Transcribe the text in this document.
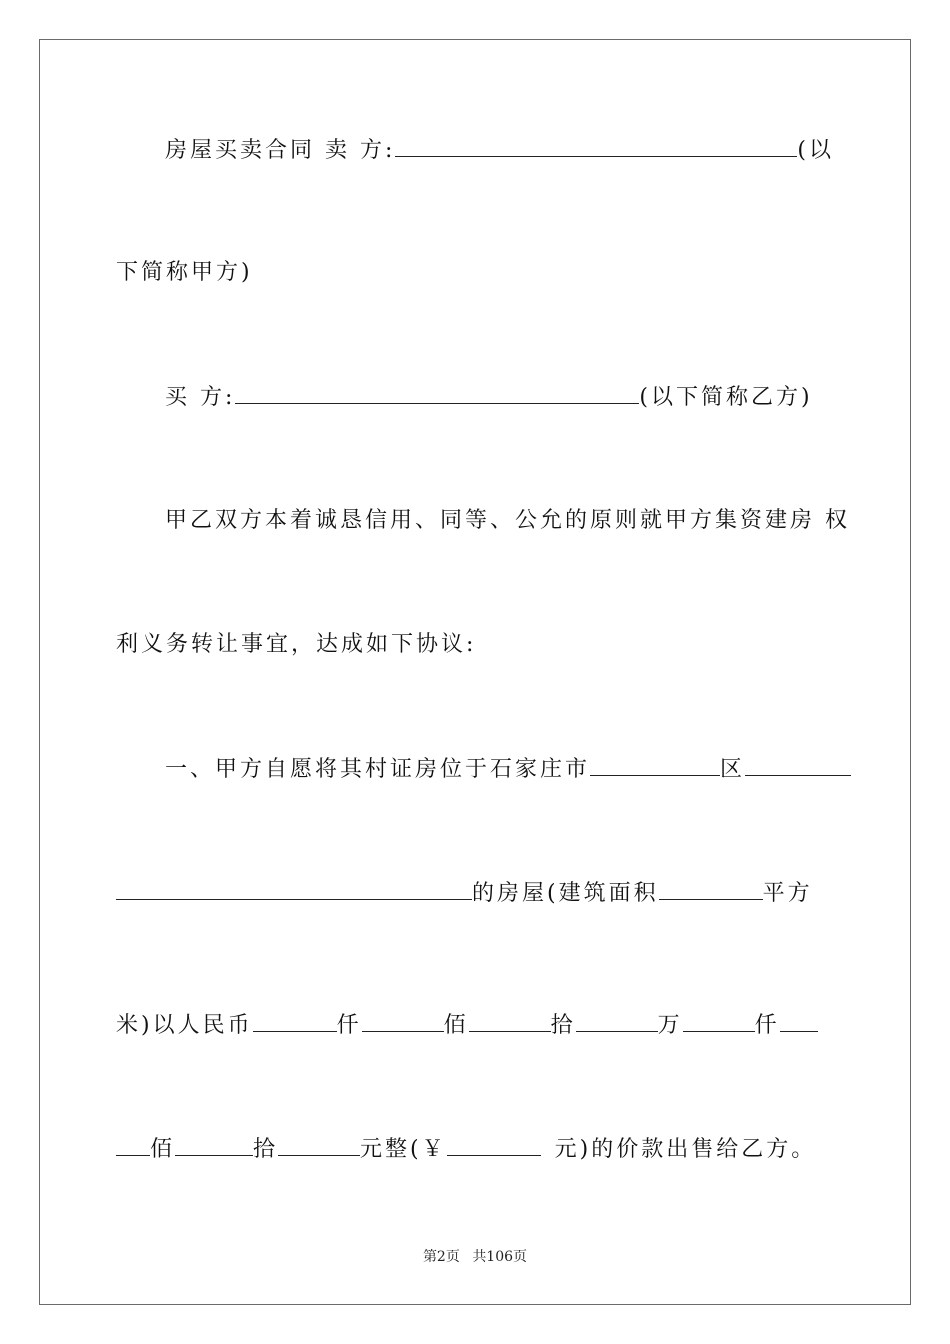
房屋买卖合同 卖 方:	(以
下简称甲方)
买 方:	(以下简称乙方)
甲乙双方本着诚恳信用、同等、公允的原则就甲方集资建房 权
利义务转让事宜，达成如下协议:
一、甲方自愿将其村证房位于石家庄市	区
的房屋(建筑面积	平方
米)以人民币	仟	佰	拾	万	仟
佰	拾	元整(￥	元)的价款出售给乙方。
第2页 共106页
